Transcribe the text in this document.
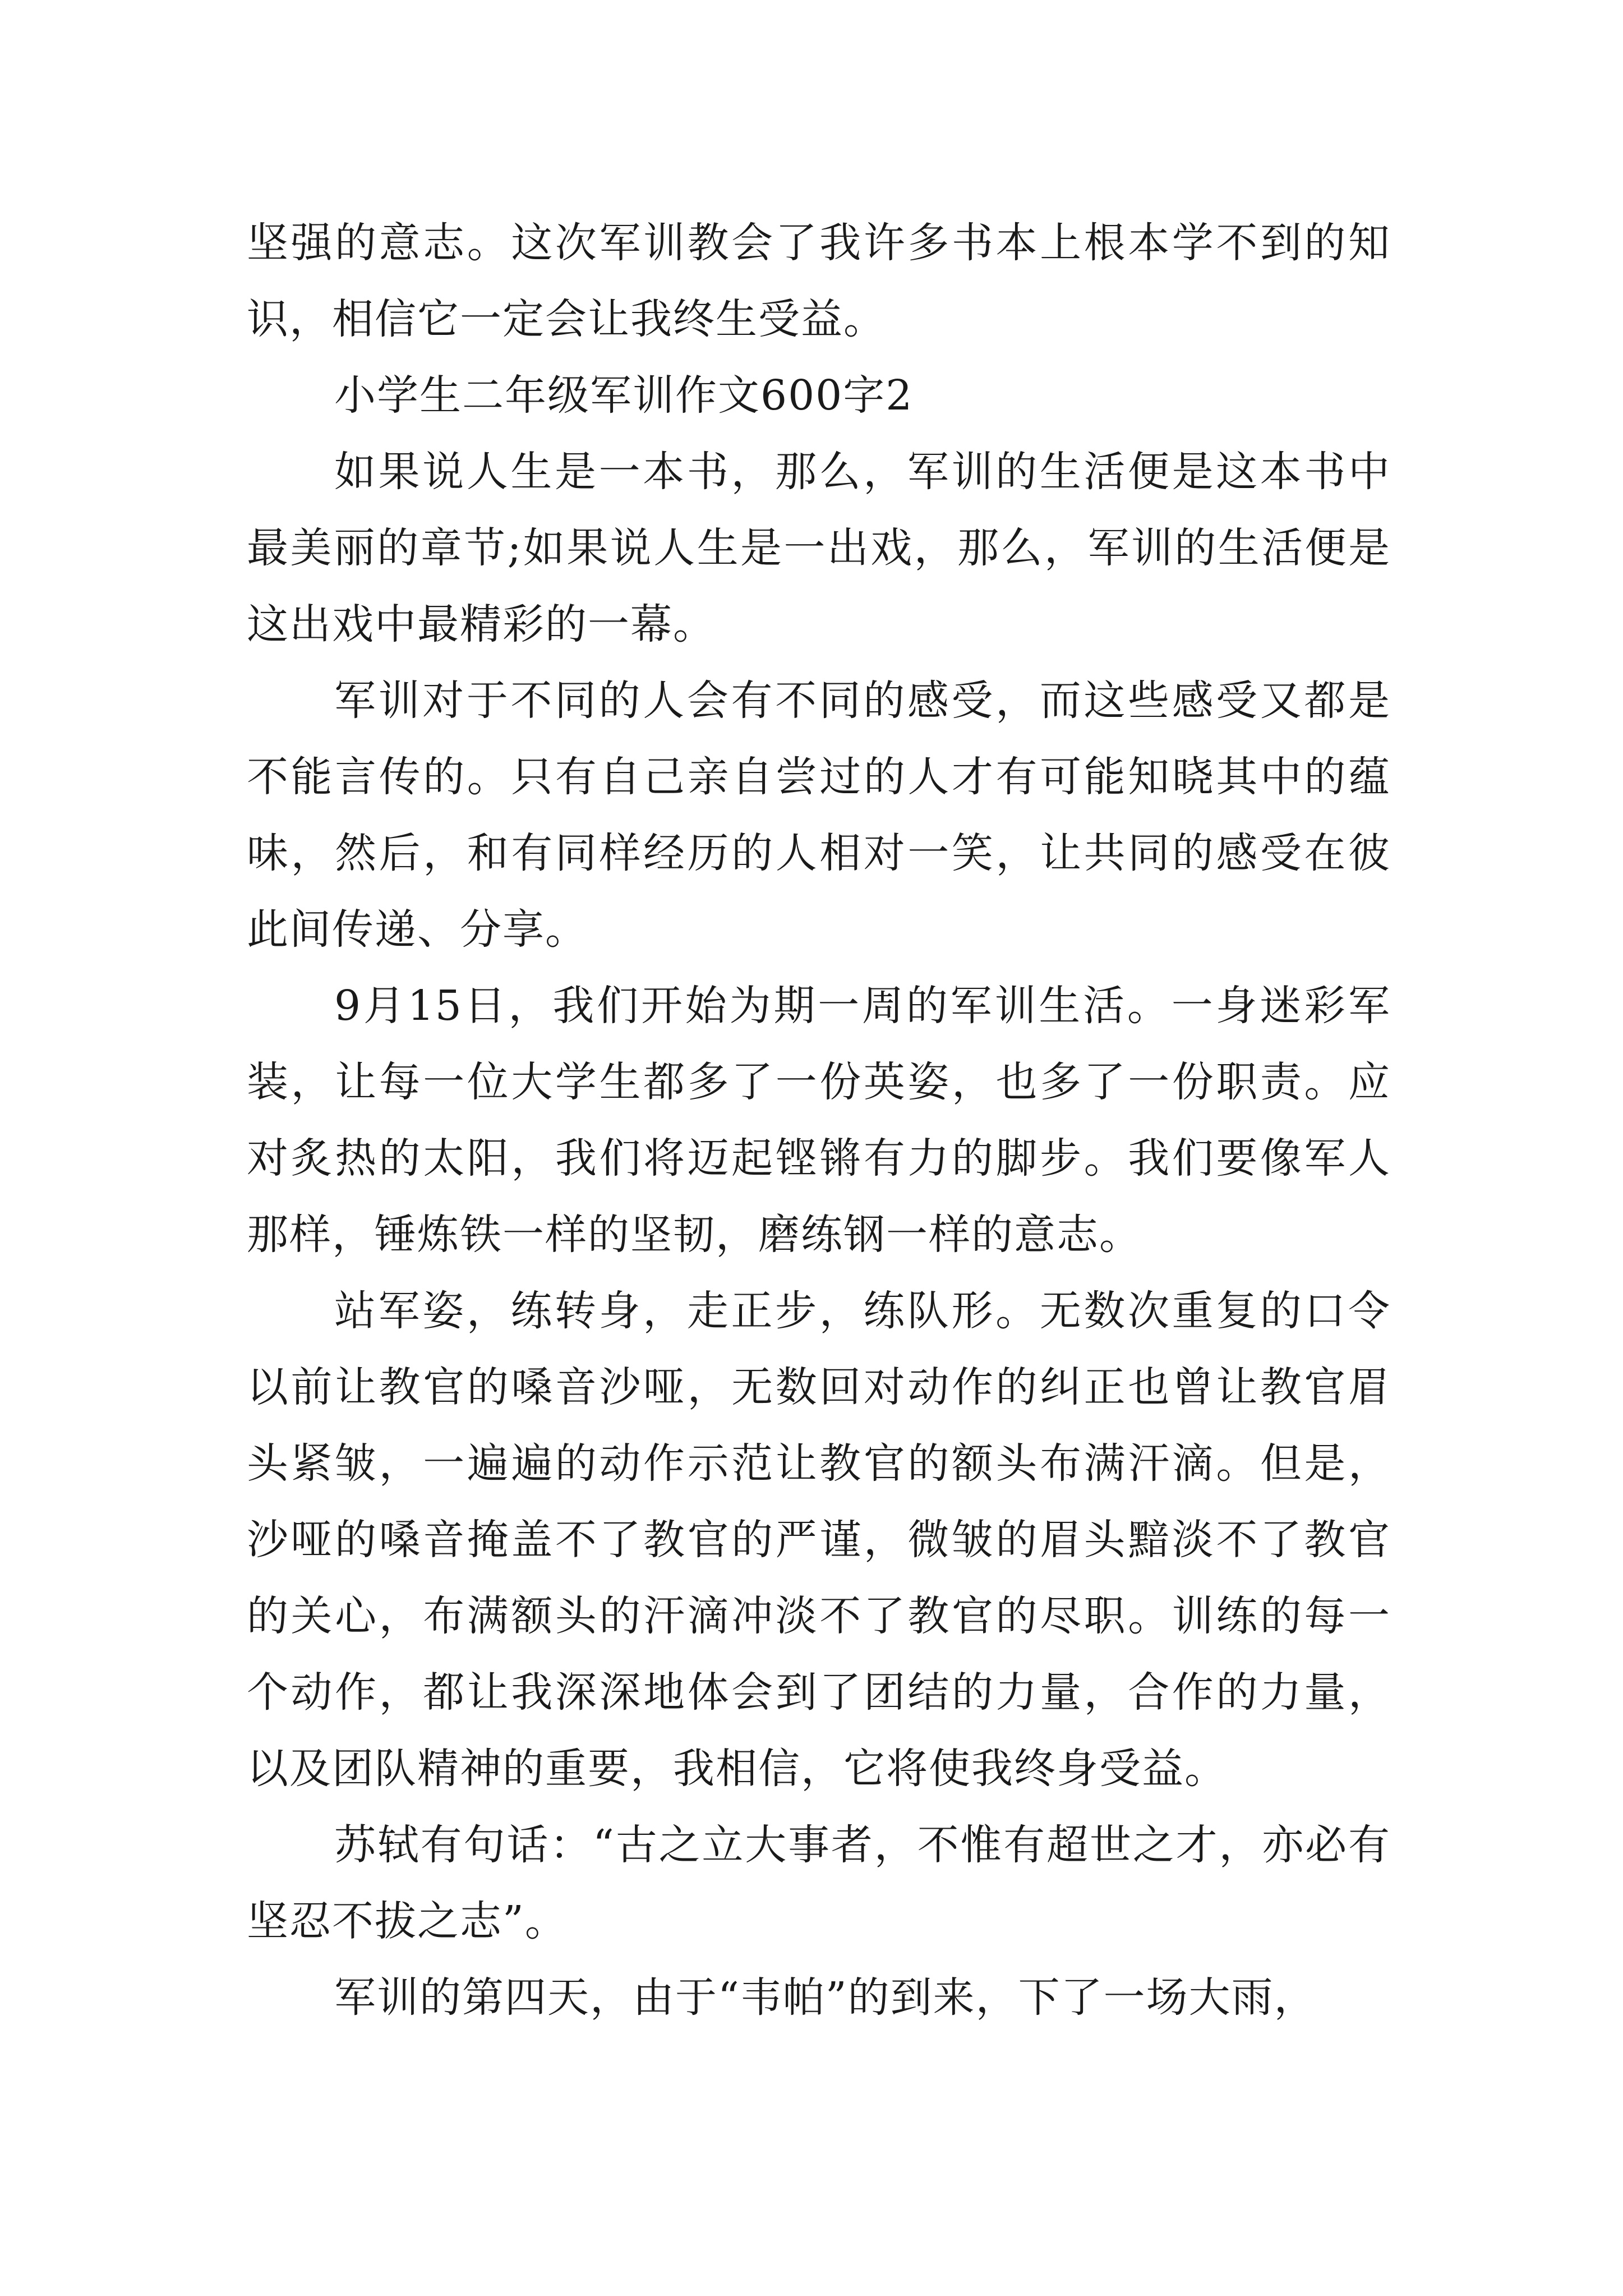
坚强的意志。这次军训教会了我许多书本上根本学不到的知识，相信它一定会让我终生受益。

小学生二年级军训作文600字2

如果说人生是一本书，那么，军训的生活便是这本书中最美丽的章节;如果说人生是一出戏，那么，军训的生活便是这出戏中最精彩的一幕。

军训对于不同的人会有不同的感受，而这些感受又都是不能言传的。只有自己亲自尝过的人才有可能知晓其中的蕴味，然后，和有同样经历的人相对一笑，让共同的感受在彼此间传递、分享。

9月15日，我们开始为期一周的军训生活。一身迷彩军装，让每一位大学生都多了一份英姿，也多了一份职责。应对炙热的太阳，我们将迈起铿锵有力的脚步。我们要像军人那样，锤炼铁一样的坚韧，磨练钢一样的意志。

站军姿，练转身，走正步，练队形。无数次重复的口令以前让教官的嗓音沙哑，无数回对动作的纠正也曾让教官眉头紧皱，一遍遍的动作示范让教官的额头布满汗滴。但是，沙哑的嗓音掩盖不了教官的严谨，微皱的眉头黯淡不了教官的关心，布满额头的汗滴冲淡不了教官的尽职。训练的每一个动作，都让我深深地体会到了团结的力量，合作的力量，以及团队精神的重要，我相信，它将使我终身受益。

苏轼有句话：“古之立大事者，不惟有超世之才，亦必有坚忍不拔之志”。

军训的第四天，由于“韦帕”的到来，下了一场大雨，
